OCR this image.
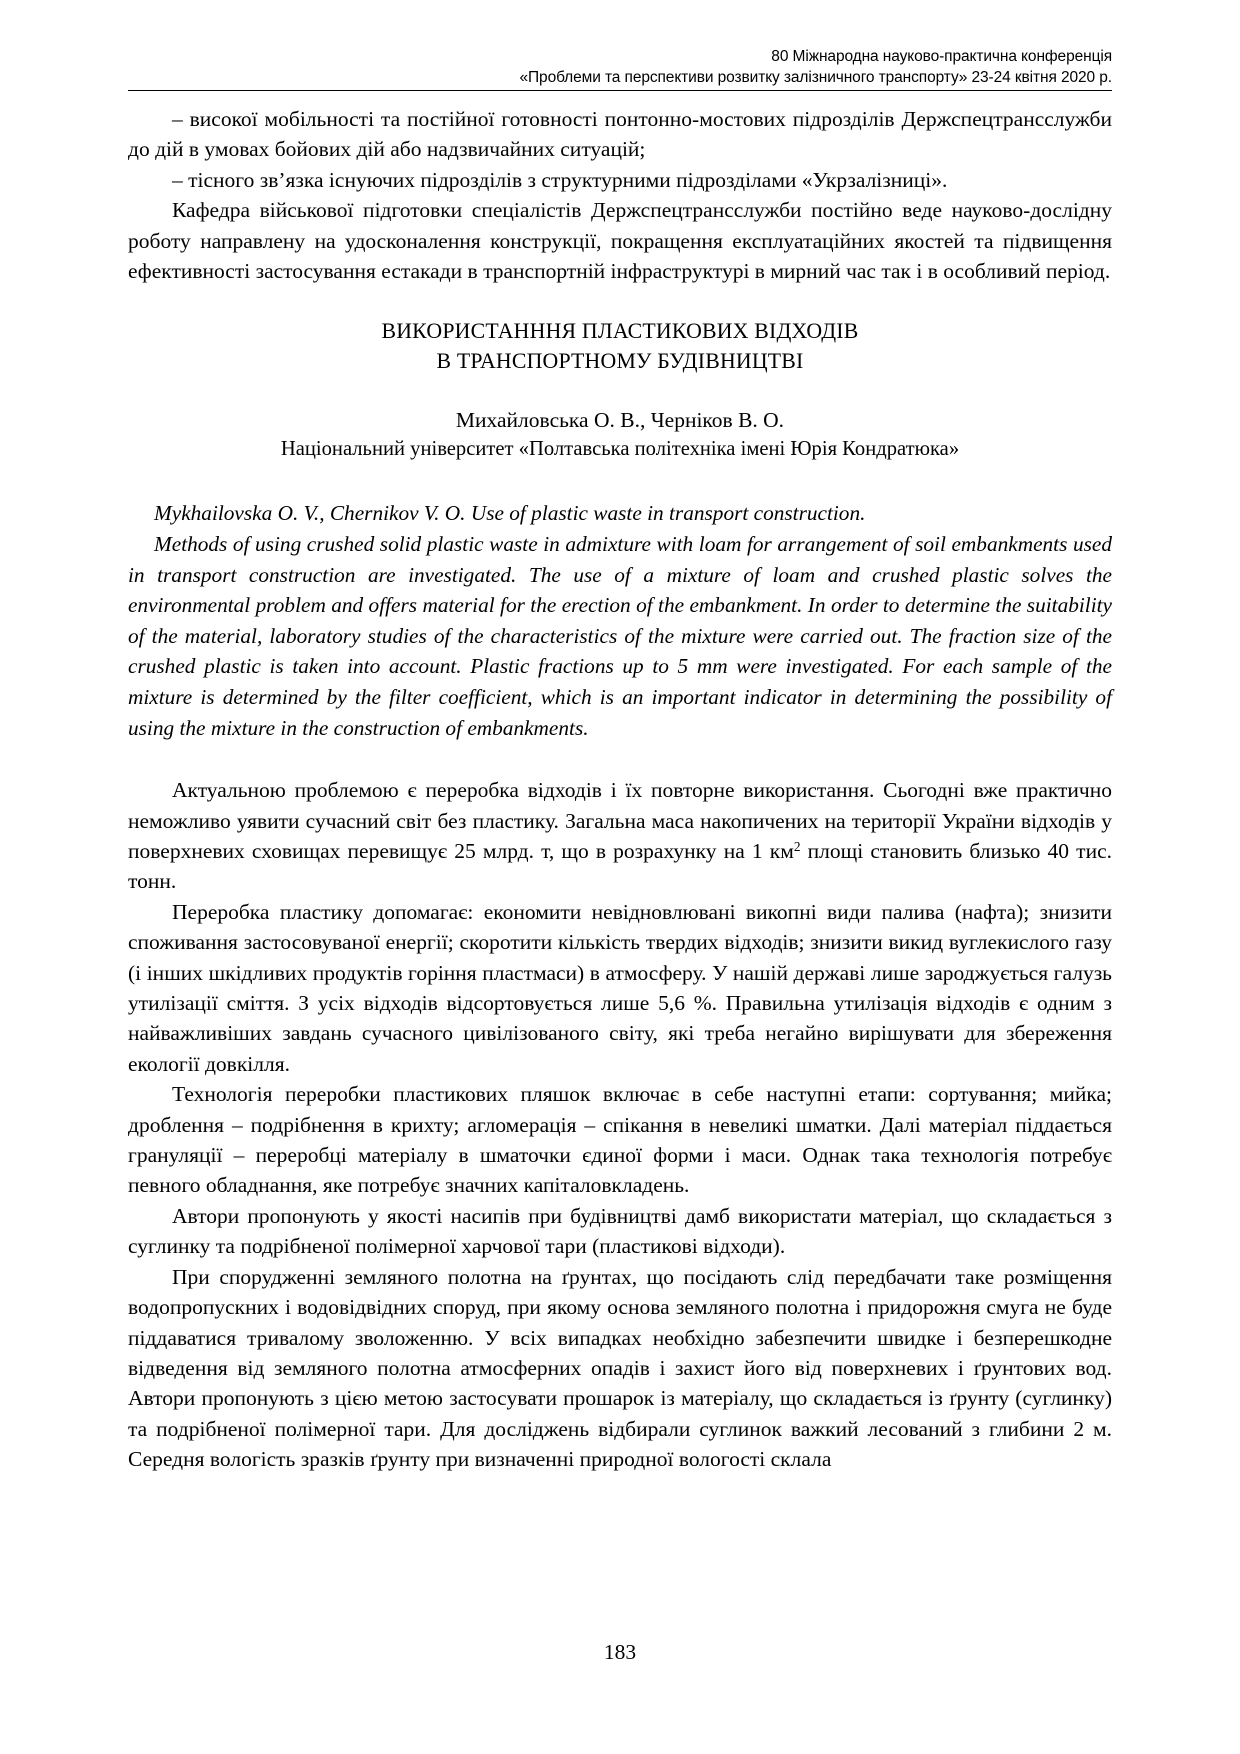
80 Міжнародна науково-практична конференція
«Проблеми та перспективи розвитку залізничного транспорту» 23-24 квітня 2020 р.

– високої мобільності та постійної готовності понтонно-мостових підрозділів Держспецтрансслужби до дій в умовах бойових дій або надзвичайних ситуацій;

– тісного зв’язка існуючих підрозділів з структурними підрозділами «Укрзалізниці».

Кафедра військової підготовки спеціалістів Держспецтрансслужби постійно веде науково-дослідну роботу направлену на удосконалення конструкції, покращення експлуатаційних якостей та підвищення ефективності застосування естакади в транспортній інфраструктурі в мирний час так і в особливий період.

ВИКОРИСТАНННЯ ПЛАСТИКОВИХ ВІДХОДІВ
В ТРАНСПОРТНОМУ БУДІВНИЦТВІ
Михайловська О. В., Черніков В. О.
Національний університет «Полтавська політехніка імені Юрія Кондратюка»

Mykhailovska O. V., Chernikov V. O. Use of plastic waste in transport construction.

Methods of using crushed solid plastic waste in admixture with loam for arrangement of soil embankments used in transport construction are investigated. The use of a mixture of loam and crushed plastic solves the environmental problem and offers material for the erection of the embankment. In order to determine the suitability of the material, laboratory studies of the characteristics of the mixture were carried out. The fraction size of the crushed plastic is taken into account. Plastic fractions up to 5 mm were investigated. For each sample of the mixture is determined by the filter coefficient, which is an important indicator in determining the possibility of using the mixture in the construction of embankments.

Актуальною проблемою є переробка відходів і їх повторне використання. Сьогодні вже практично неможливо уявити сучасний світ без пластику. Загальна маса накопичених на території України відходів у поверхневих сховищах перевищує 25 млрд. т, що в розрахунку на 1 $км^2$ площі становить близько 40 тис. тонн.

Переробка пластику допомагає: економити невідновлювані викопні види палива (нафта); знизити споживання застосовуваної енергії; скоротити кількість твердих відходів; знизити викид вуглекислого газу (і інших шкідливих продуктів горіння пластмаси) в атмосферу. У нашій державі лише зароджується галузь утилізації сміття. З усіх відходів відсортовується лише 5,6 %. Правильна утилізація відходів є одним з найважливіших завдань сучасного цивілізованого світу, які треба негайно вирішувати для збереження екології довкілля.

Технологія переробки пластикових пляшок включає в себе наступні етапи: сортування; мийка; дроблення – подрібнення в крихту; агломерація – спікання в невеликі шматки. Далі матеріал піддається грануляції – переробці матеріалу в шматочки єдиної форми і маси. Однак така технологія потребує певного обладнання, яке потребує значних капіталовкладень.

Автори пропонують у якості насипів при будівництві дамб використати матеріал, що складається з суглинку та подрібненої полімерної харчової тари (пластикові відходи).

При спорудженні земляного полотна на ґрунтах, що посідають слід передбачати таке розміщення водопропускних і водовідвідних споруд, при якому основа земляного полотна і придорожня смуга не буде піддаватися тривалому зволоженню. У всіх випадках необхідно забезпечити швидке і безперешкодне відведення від земляного полотна атмосферних опадів і захист його від поверхневих і ґрунтових вод. Автори пропонують з цією метою застосувати прошарок із матеріалу, що складається із ґрунту (суглинку) та подрібненої полімерної тари. Для досліджень відбирали суглинок важкий лесований з глибини 2 м. Середня вологість зразків ґрунту при визначенні природної вологості склала

183
